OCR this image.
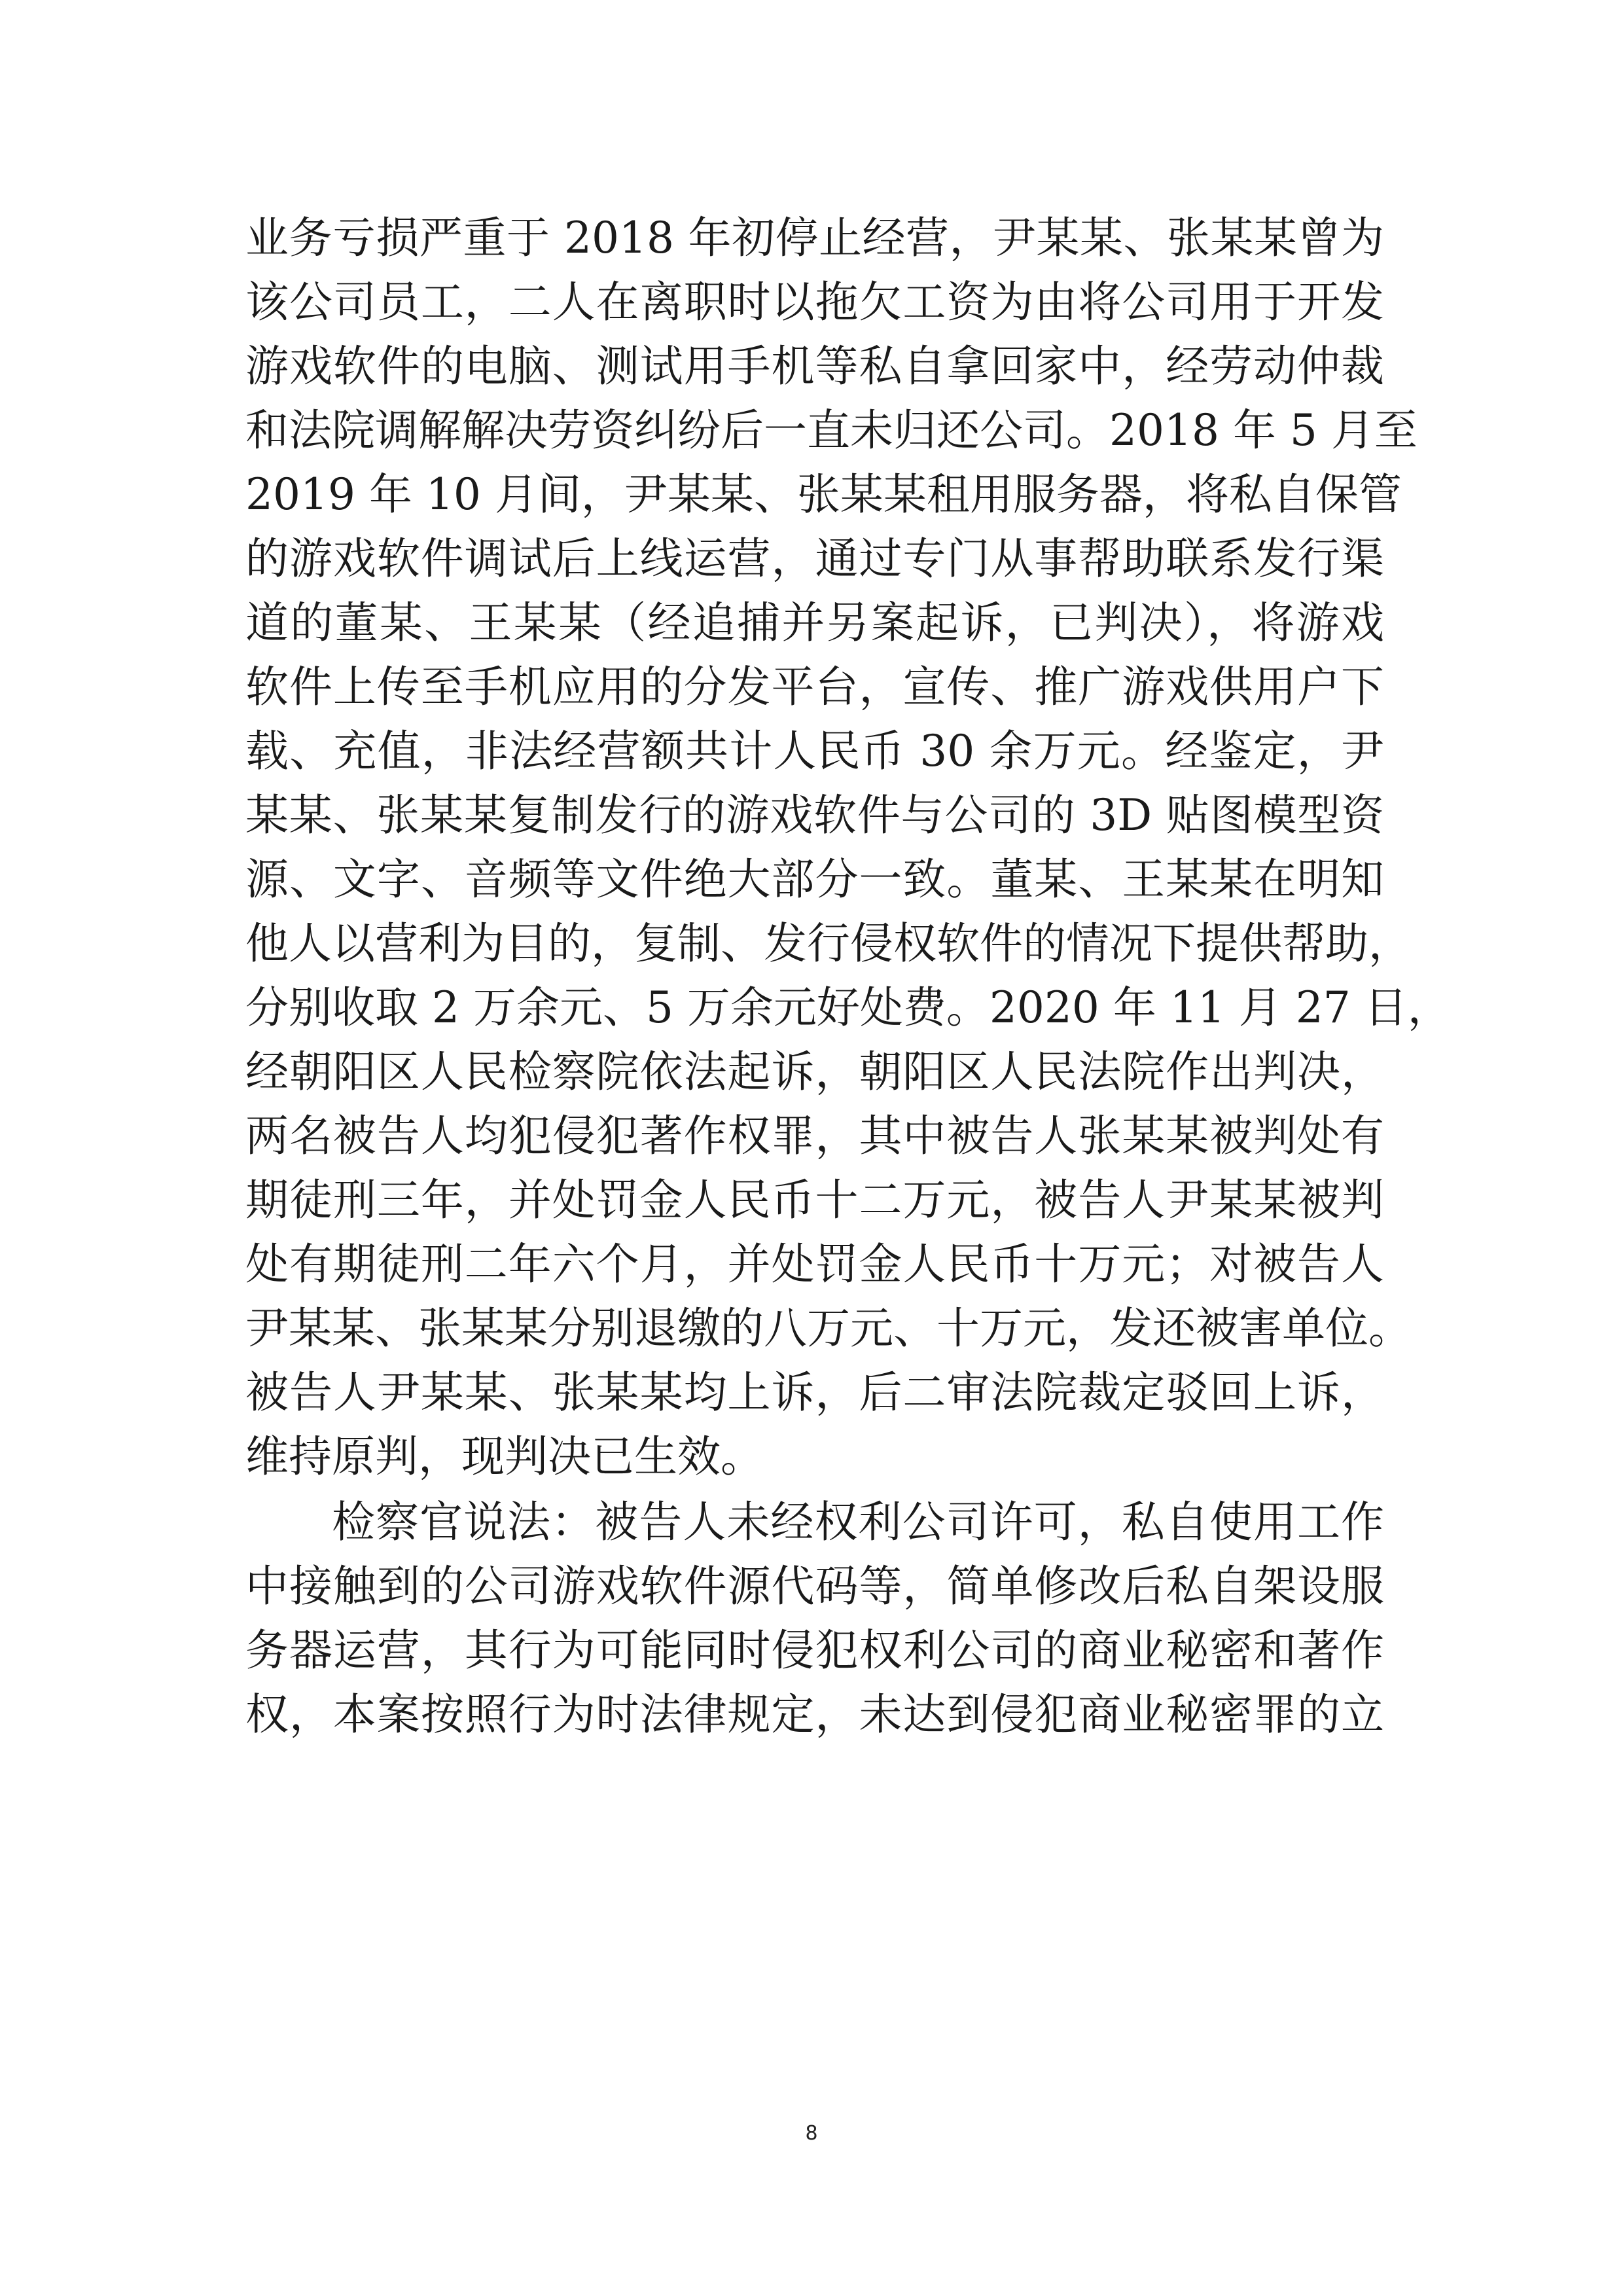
业务亏损严重于 2018 年初停止经营，尹某某、张某某曾为
该公司员工，二人在离职时以拖欠工资为由将公司用于开发
游戏软件的电脑、测试用手机等私自拿回家中，经劳动仲裁
和法院调解解决劳资纠纷后一直未归还公司。2018 年 5 月至
2019 年 10 月间，尹某某、张某某租用服务器，将私自保管
的游戏软件调试后上线运营，通过专门从事帮助联系发行渠
道的董某、王某某（经追捕并另案起诉，已判决），将游戏
软件上传至手机应用的分发平台，宣传、推广游戏供用户下
载、充值，非法经营额共计人民币 30 余万元。经鉴定，尹
某某、张某某复制发行的游戏软件与公司的 3D 贴图模型资
源、文字、音频等文件绝大部分一致。董某、王某某在明知
他人以营利为目的，复制、发行侵权软件的情况下提供帮助，
分别收取 2 万余元、5 万余元好处费。2020 年 11 月 27 日，
经朝阳区人民检察院依法起诉，朝阳区人民法院作出判决，
两名被告人均犯侵犯著作权罪，其中被告人张某某被判处有
期徒刑三年，并处罚金人民币十二万元，被告人尹某某被判
处有期徒刑二年六个月，并处罚金人民币十万元；对被告人
尹某某、张某某分别退缴的八万元、十万元，发还被害单位。
被告人尹某某、张某某均上诉，后二审法院裁定驳回上诉，
维持原判，现判决已生效。
检察官说法：被告人未经权利公司许可，私自使用工作
中接触到的公司游戏软件源代码等，简单修改后私自架设服
务器运营，其行为可能同时侵犯权利公司的商业秘密和著作
权，本案按照行为时法律规定，未达到侵犯商业秘密罪的立
8
